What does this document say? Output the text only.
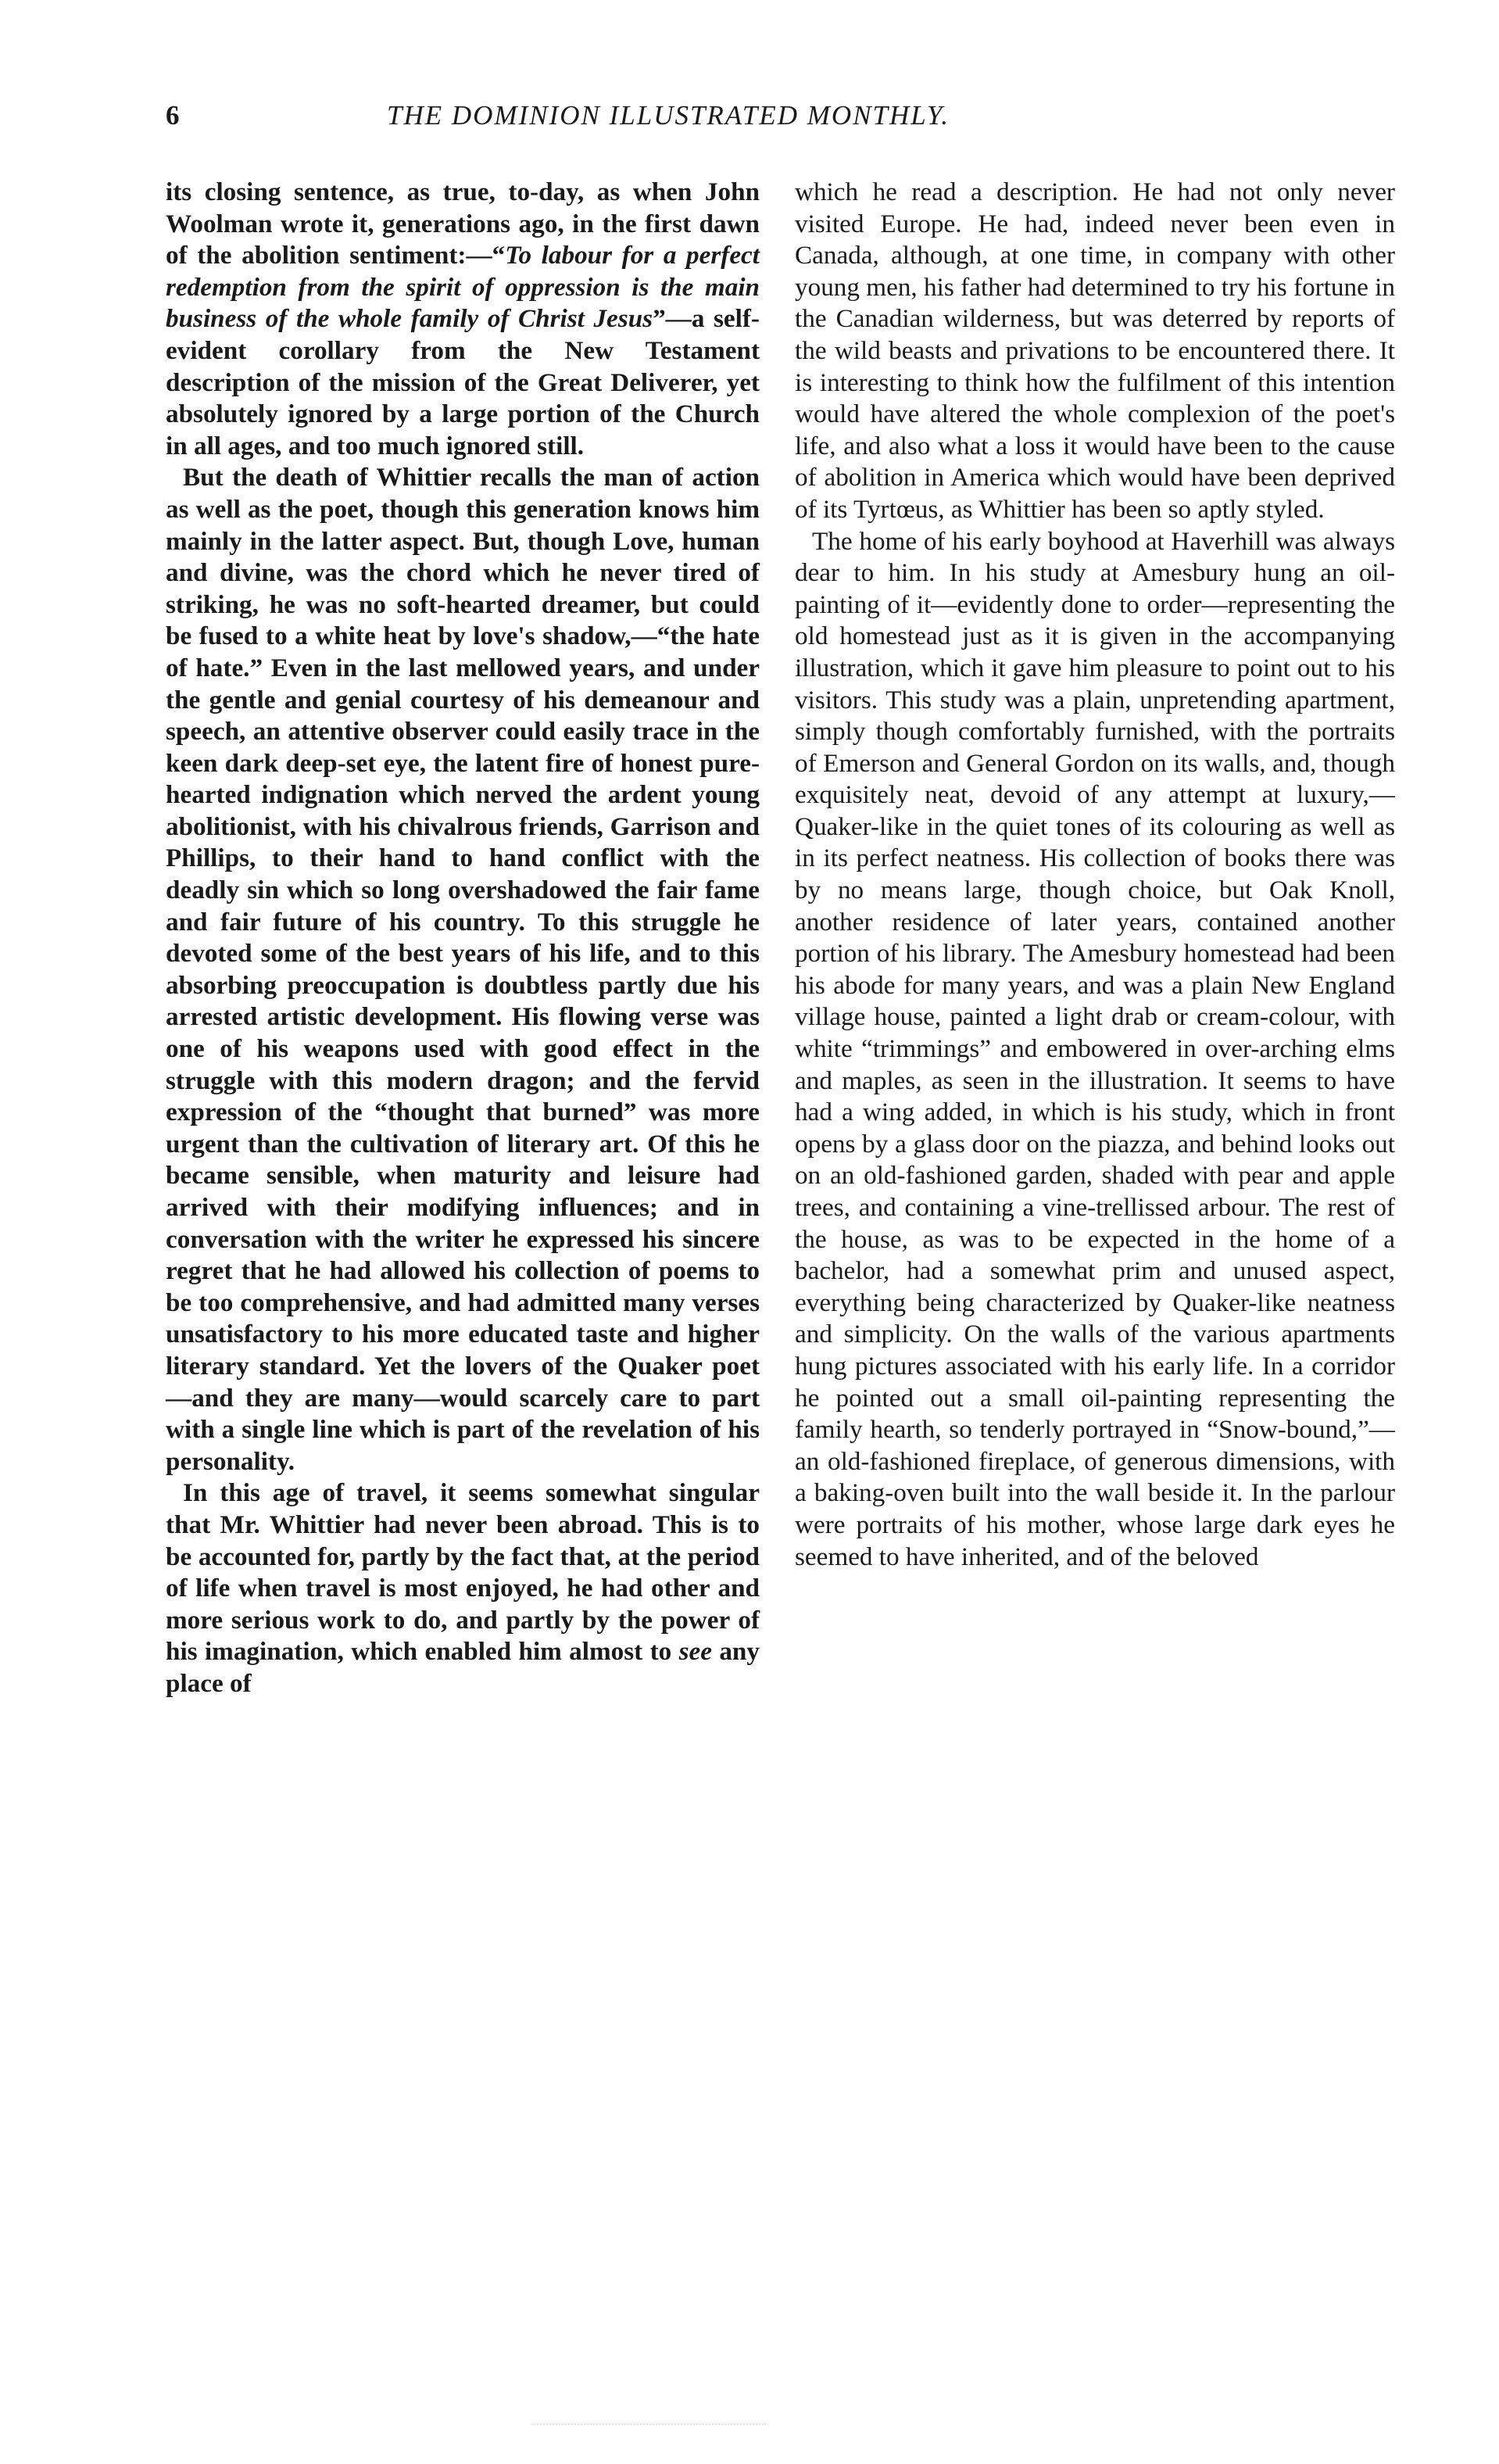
6	THE DOMINION ILLUSTRATED MONTHLY.

its closing sentence, as true, to-day, as when John Woolman wrote it, generations ago, in the first dawn of the abolition sentiment:—“To labour for a perfect redemption from the spirit of oppression is the main business of the whole family of Christ Jesus”—a self-evident corollary from the New Testament description of the mission of the Great Deliverer, yet absolutely ignored by a large portion of the Church in all ages, and too much ignored still.

But the death of Whittier recalls the man of action as well as the poet, though this generation knows him mainly in the latter aspect. But, though Love, human and divine, was the chord which he never tired of striking, he was no soft-hearted dreamer, but could be fused to a white heat by love's shadow,—“the hate of hate.” Even in the last mellowed years, and under the gentle and genial courtesy of his demeanour and speech, an attentive observer could easily trace in the keen dark deep-set eye, the latent fire of honest pure-hearted indignation which nerved the ardent young abolitionist, with his chivalrous friends, Garrison and Phillips, to their hand to hand conflict with the deadly sin which so long overshadowed the fair fame and fair future of his country. To this struggle he devoted some of the best years of his life, and to this absorbing preoccupation is doubtless partly due his arrested artistic development. His flowing verse was one of his weapons used with good effect in the struggle with this modern dragon; and the fervid expression of the “thought that burned” was more urgent than the cultivation of literary art. Of this he became sensible, when maturity and leisure had arrived with their modifying influences; and in conversation with the writer he expressed his sincere regret that he had allowed his collection of poems to be too comprehensive, and had admitted many verses unsatisfactory to his more educated taste and higher literary standard. Yet the lovers of the Quaker poet —and they are many—would scarcely care to part with a single line which is part of the revelation of his personality.

In this age of travel, it seems somewhat singular that Mr. Whittier had never been abroad. This is to be accounted for, partly by the fact that, at the period of life when travel is most enjoyed, he had other and more serious work to do, and partly by the power of his imagination, which enabled him almost to see any place of

which he read a description. He had not only never visited Europe. He had, indeed never been even in Canada, although, at one time, in company with other young men, his father had determined to try his fortune in the Canadian wilderness, but was deterred by reports of the wild beasts and privations to be encountered there. It is interesting to think how the fulfilment of this intention would have altered the whole complexion of the poet's life, and also what a loss it would have been to the cause of abolition in America which would have been deprived of its Tyrtœus, as Whittier has been so aptly styled.

The home of his early boyhood at Haverhill was always dear to him. In his study at Amesbury hung an oil-painting of it—evidently done to order—representing the old homestead just as it is given in the accompanying illustration, which it gave him pleasure to point out to his visitors. This study was a plain, unpretending apartment, simply though comfortably furnished, with the portraits of Emerson and General Gordon on its walls, and, though exquisitely neat, devoid of any attempt at luxury,—Quaker-like in the quiet tones of its colouring as well as in its perfect neatness. His collection of books there was by no means large, though choice, but Oak Knoll, another residence of later years, contained another portion of his library. The Amesbury homestead had been his abode for many years, and was a plain New England village house, painted a light drab or cream-colour, with white “trimmings” and embowered in over-arching elms and maples, as seen in the illustration. It seems to have had a wing added, in which is his study, which in front opens by a glass door on the piazza, and behind looks out on an old-fashioned garden, shaded with pear and apple trees, and containing a vine-trellissed arbour. The rest of the house, as was to be expected in the home of a bachelor, had a somewhat prim and unused aspect, everything being characterized by Quaker-like neatness and simplicity. On the walls of the various apartments hung pictures associated with his early life. In a corridor he pointed out a small oil-painting representing the family hearth, so tenderly portrayed in “Snow-bound,”—an old-fashioned fireplace, of generous dimensions, with a baking-oven built into the wall beside it. In the parlour were portraits of his mother, whose large dark eyes he seemed to have inherited, and of the beloved
